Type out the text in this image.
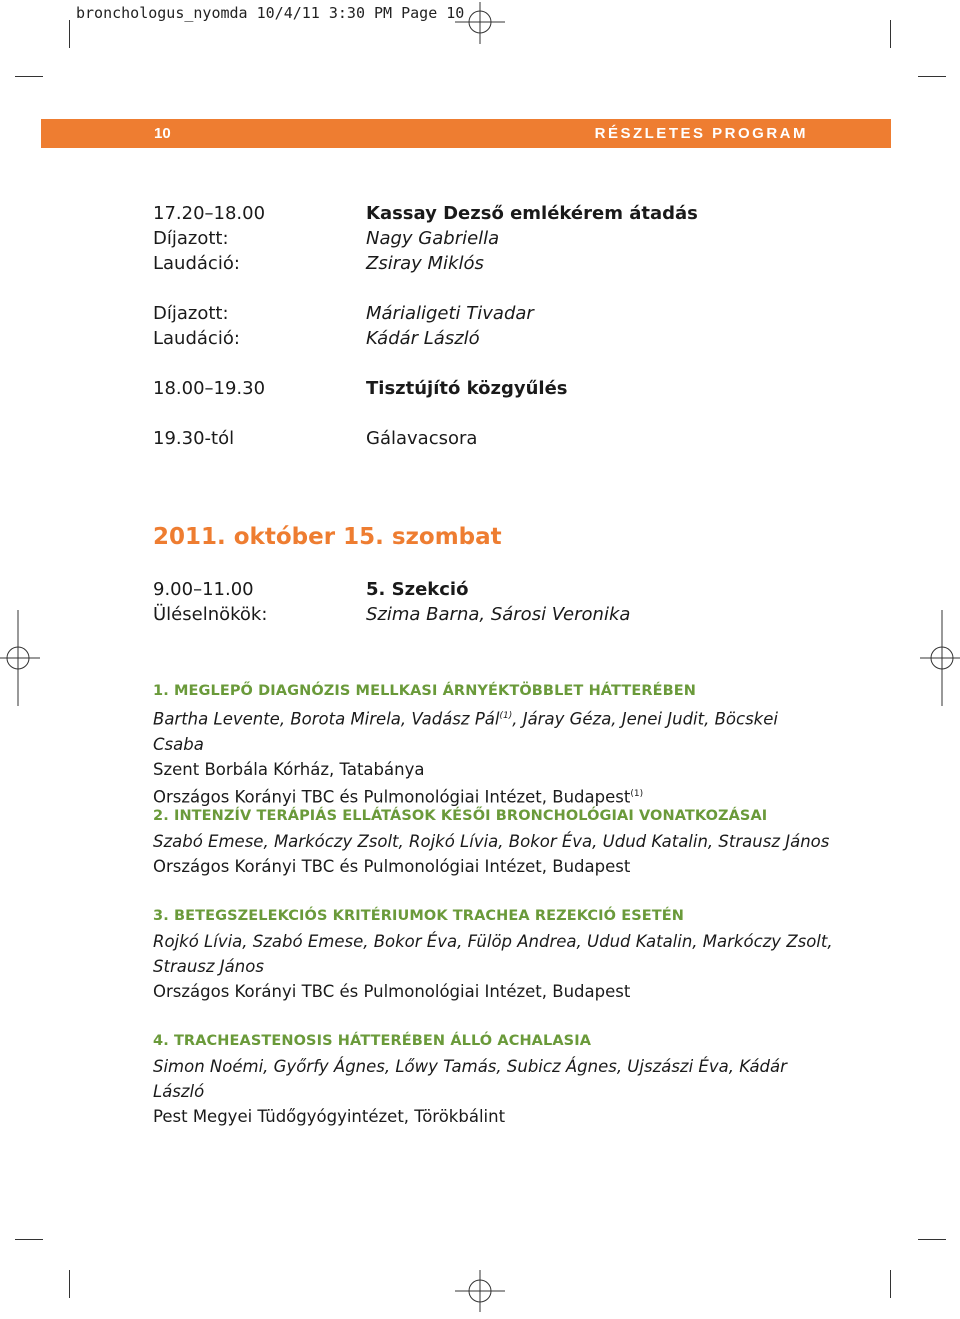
bronchologus_nyomda 10/4/11 3:30 PM Page 10
10	RÉSZLETES PROGRAM
17.20–18.00	Kassay Dezső emlékérem átadás
Díjazott:	Nagy Gabriella
Laudáció:	Zsiray Miklós
Díjazott:	Márialigeti Tivadar
Laudáció:	Kádár László
18.00–19.30	Tisztújító közgyűlés
19.30-tól	Gálavacsora
2011. október 15. szombat
9.00–11.00	5. Szekció
Üléselnökök:	Szima Barna, Sárosi Veronika
1. MEGLEPŐ DIAGNÓZIS MELLKASI ÁRNYÉKTÖBBLET HÁTTERÉBEN
Bartha Levente, Borota Mirela, Vadász Pál$^{(1)}$, Járay Géza, Jenei Judit, Böcskei Csaba
Szent Borbála Kórház, Tatabánya
Országos Korányi TBC és Pulmonológiai Intézet, Budapest$^{(1)}$
2. INTENZÍV TERÁPIÁS ELLÁTÁSOK KÉSŐI BRONCHOLÓGIAI VONATKOZÁSAI
Szabó Emese, Markóczy Zsolt, Rojkó Lívia, Bokor Éva, Udud Katalin, Strausz János
Országos Korányi TBC és Pulmonológiai Intézet, Budapest
3. BETEGSZELEKCIÓS KRITÉRIUMOK TRACHEA REZEKCIÓ ESETÉN
Rojkó Lívia, Szabó Emese, Bokor Éva, Fülöp Andrea, Udud Katalin, Markóczy Zsolt,
Strausz János
Országos Korányi TBC és Pulmonológiai Intézet, Budapest
4. TRACHEASTENOSIS HÁTTERÉBEN ÁLLÓ ACHALASIA
Simon Noémi, Győrfy Ágnes, Lőwy Tamás, Subicz Ágnes, Ujszászi Éva, Kádár László
Pest Megyei Tüdőgyógyintézet, Törökbálint
